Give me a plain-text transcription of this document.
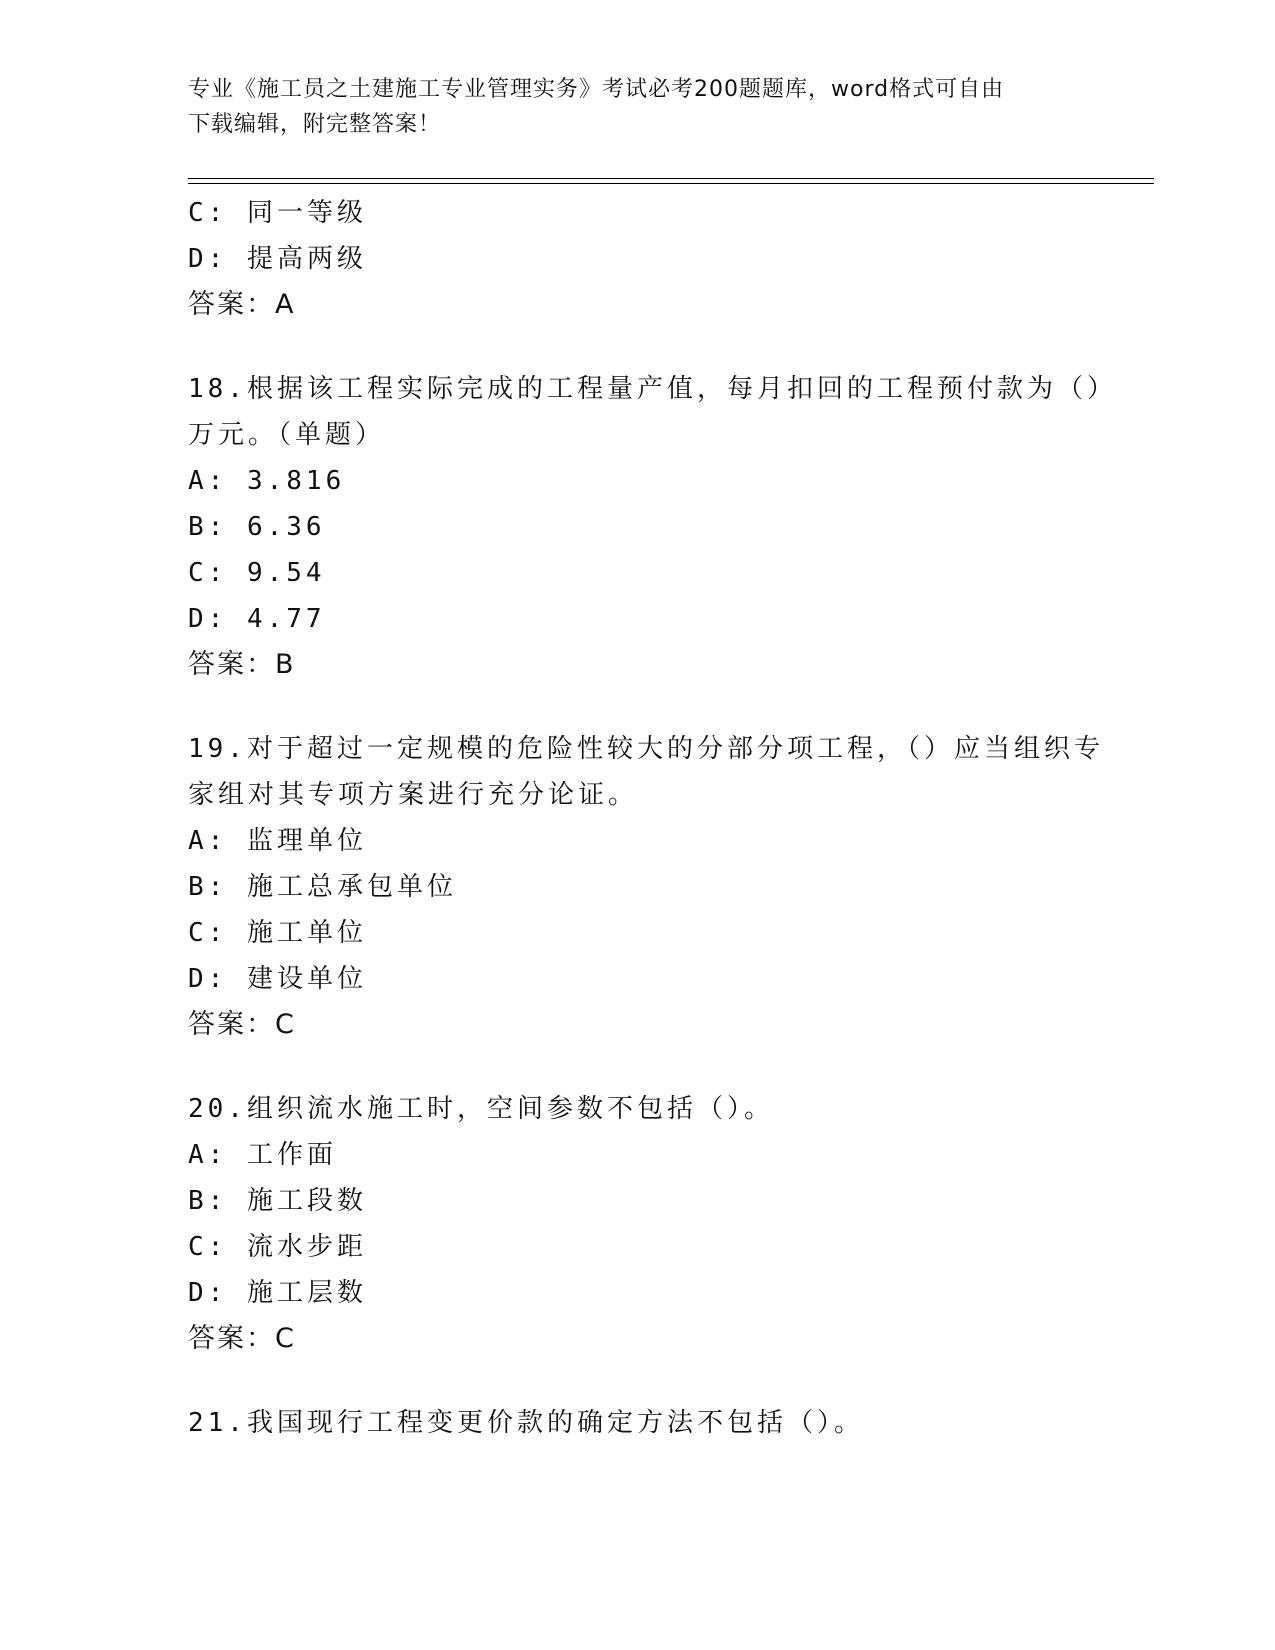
专业《施工员之土建施工专业管理实务》考试必考200题题库，word格式可自由
下载编辑，附完整答案！
C: 同一等级
D: 提高两级
答案：A
18.根据该工程实际完成的工程量产值，每月扣回的工程预付款为（）
万元。（单题）
A: 3.816
B: 6.36
C: 9.54
D: 4.77
答案：B
19.对于超过一定规模的危险性较大的分部分项工程，（）应当组织专
家组对其专项方案进行充分论证。
A: 监理单位
B: 施工总承包单位
C: 施工单位
D: 建设单位
答案：C
20.组织流水施工时，空间参数不包括（）。
A: 工作面
B: 施工段数
C: 流水步距
D: 施工层数
答案：C
21.我国现行工程变更价款的确定方法不包括（）。
